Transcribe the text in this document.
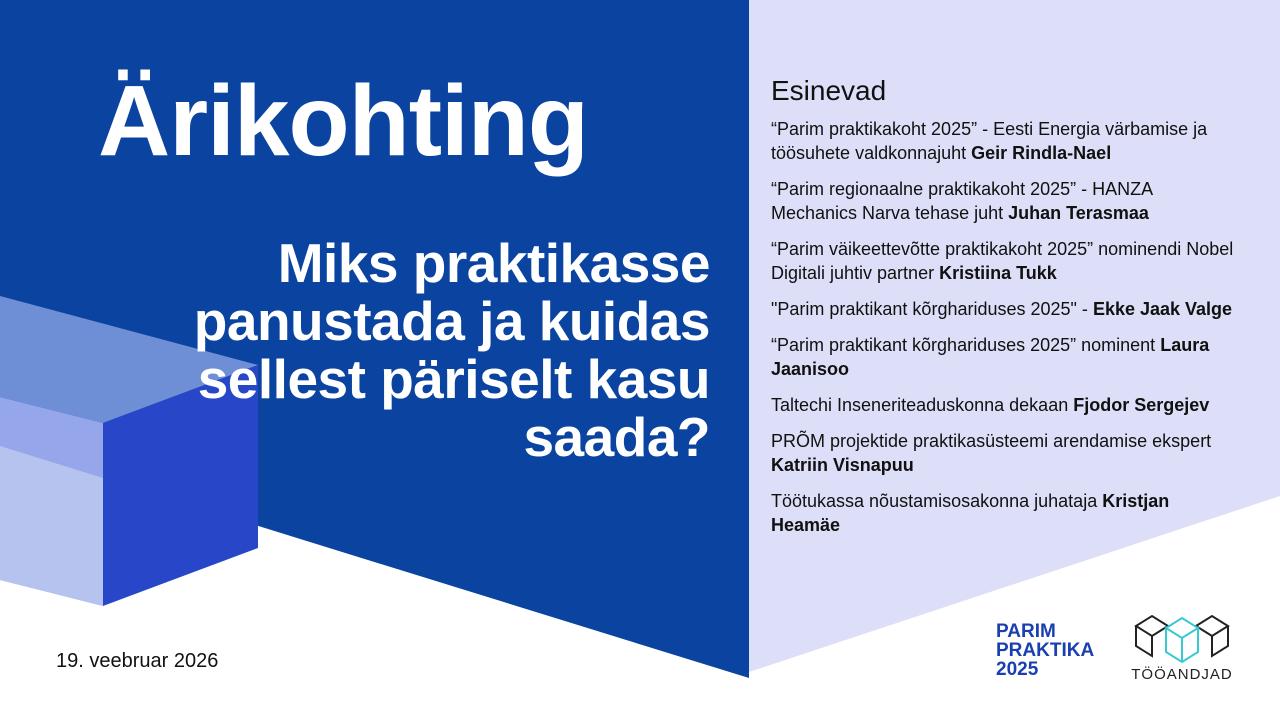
Ärikohting
Miks praktikasse panustada ja kuidas sellest päriselt kasu saada?
19. veebruar 2026
Esinevad

“Parim praktikakoht 2025” - Eesti Energia värbamise ja töösuhete valdkonnajuht Geir Rindla-Nael

“Parim regionaalne praktikakoht 2025” - HANZA Mechanics Narva tehase juht Juhan Terasmaa

“Parim väikeettevõtte praktikakoht 2025” nominendi Nobel Digitali juhtiv partner Kristiina Tukk

"Parim praktikant kõrghariduses 2025" - Ekke Jaak Valge

“Parim praktikant kõrghariduses 2025” nominent Laura Jaanisoo

Taltechi Inseneriteaduskonna dekaan Fjodor Sergejev

PRÕM projektide praktikasüsteemi arendamise ekspert Katriin Visnapuu

Töötukassa nõustamisosakonna juhataja Kristjan Heamäe

PARIM
PRAKTIKA
2025	TÖÖANDJAD
